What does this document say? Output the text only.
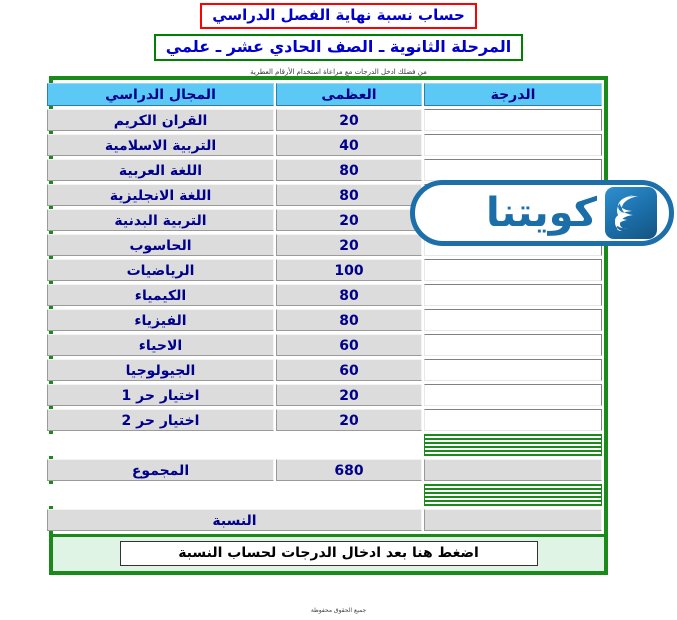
حساب نسبة نهاية الفصل الدراسي
المرحلة الثانوية ـ الصف الحادي عشر ـ علمي
من فضلك ادخل الدرجات مع مراعاة استخدام الأرقام العطرية
الدرجة	العظمى	المجال الدراسي

	20	القران الكريم

	40	التربية الاسلامية

	80	اللغة العربية

	80	اللغة الانجليزية

	20	التربية البدنية

	20	الحاسوب

	100	الرياضيات

	80	الكيمياء

	80	الفيزياء

	60	الاحياء

	60	الجيولوجيا

	20	اختيار حر 1

	20	اختيار حر 2

	680	المجموع

	النسبة	
اضغط هنا بعد ادخال الدرجات لحساب النسبة
كويتنا
جميع الحقوق محفوظة
